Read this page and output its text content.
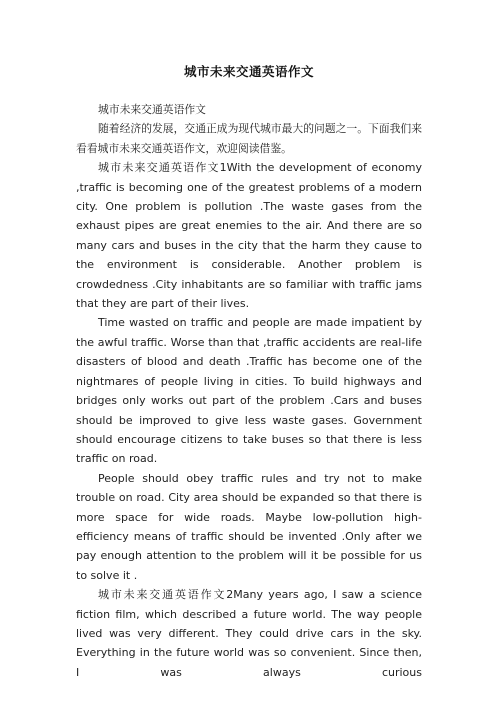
城市未来交通英语作文

城市未来交通英语作文

随着经济的发展，交通正成为现代城市最大的问题之一。下面我们来看看城市未来交通英语作文，欢迎阅读借鉴。

城市未来交通英语作文1With the development of economy ,traffic is becoming one of the greatest problems of a modern city. One problem is pollution .The waste gases from the exhaust pipes are great enemies to the air. And there are so many cars and buses in the city that the harm they cause to the environment is considerable. Another problem is crowdedness .City inhabitants are so familiar with traffic jams that they are part of their lives.

Time wasted on traffic and people are made impatient by the awful traffic. Worse than that ,traffic accidents are real-life disasters of blood and death .Traffic has become one of the nightmares of people living in cities. To build highways and bridges only works out part of the problem .Cars and buses should be improved to give less waste gases. Government should encourage citizens to take buses so that there is less traffic on road.

People should obey traffic rules and try not to make trouble on road. City area should be expanded so that there is more space for wide roads. Maybe low-pollution high-efficiency means of traffic should be invented .Only after we pay enough attention to the problem will it be possible for us to solve it .

城市未来交通英语作文2Many years ago, I saw a science fiction film, which described a future world. The way people lived was very different. They could drive cars in the sky. Everything in the future world was so convenient. Since then, I was always curious
